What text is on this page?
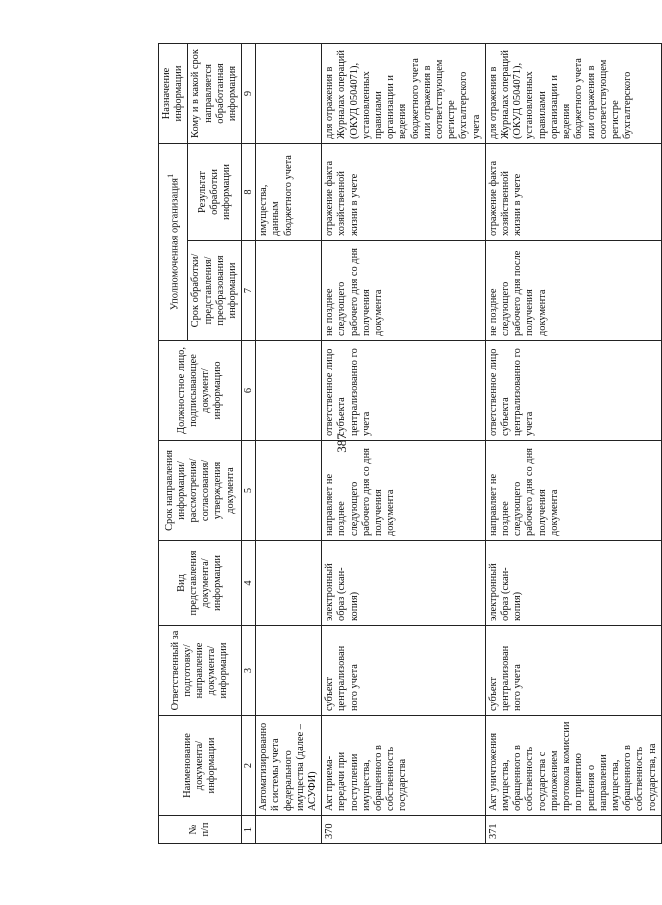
387
№ п/п	Наименование документа/ информации	Ответственный за подготовку/ направление документа/ информации	Вид представления документа/ информации	Срок направления информации/ рассмотрения/ согласования/ утверждения документа	Должностное лицо, подписывающее документ/ информацию	Уполномоченная организация$^1$		Назначение информации
						Срок обработки/ представления/ преобразования информации	Результат обработки информации	Кому и в какой срок направляется обработанная информация
1	2	3	4	5	6	7	8	9
	Автоматизированной системы учета федерального имущества (далее – АСУФИ)						имущества, данным бюджетного учета	
370	Акт приема-передачи при поступлении имущества, обращенного в собственность государства	субъект централизован ного учета	электронный образ (скан-копия)	направляет не позднее следующего рабочего дня со дня получения документа	ответственное лицо субъекта централизованно го учета	не позднее следующего рабочего дня со дня получения документа	отражение факта хозяйственной жизни в учете	для отражения в Журналах операций (ОКУД 0504071), установленных правилами организации и ведения бюджетного учета или отражения в соответствующем регистре бухгалтерского учета
371	Акт уничтожения имущества, обращенного в собственность государства с приложением протокола комиссии по принятию решения о направлении имущества, обращенного в собственность государства, на	субъект централизован ного учета	электронный образ (скан-копия)	направляет не позднее следующего рабочего дня со дня получения документа	ответственное лицо субъекта централизованно го учета	не позднее следующего рабочего дня после получения документа	отражение факта хозяйственной жизни в учете	для отражения в Журналах операций (ОКУД 0504071), установленных правилами организации и ведения бюджетного учета или отражения в соответствующем регистре бухгалтерского
